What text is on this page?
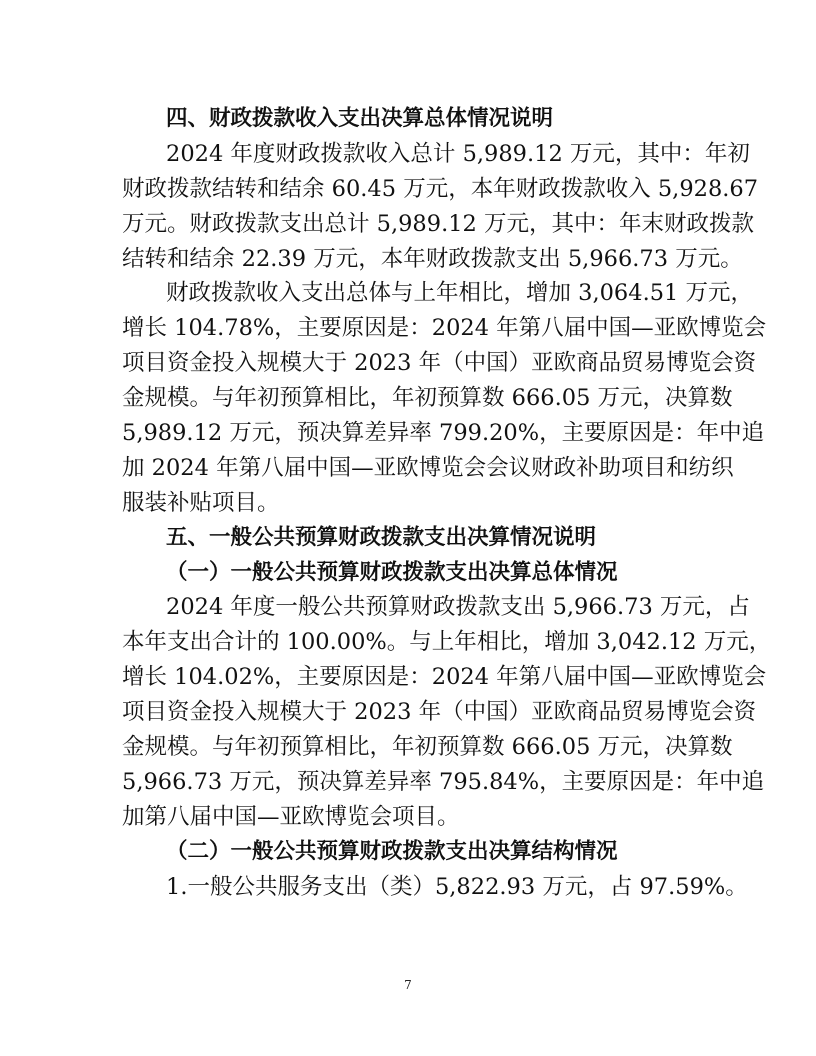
四、财政拨款收入支出决算总体情况说明
2024 年度财政拨款收入总计 5,989.12 万元，其中：年初
财政拨款结转和结余 60.45 万元，本年财政拨款收入 5,928.67
万元。财政拨款支出总计 5,989.12 万元，其中：年末财政拨款
结转和结余 22.39 万元，本年财政拨款支出 5,966.73 万元。
财政拨款收入支出总体与上年相比，增加 3,064.51 万元，
增长 104.78%，主要原因是：2024 年第八届中国—亚欧博览会
项目资金投入规模大于 2023 年（中国）亚欧商品贸易博览会资
金规模。与年初预算相比，年初预算数 666.05 万元，决算数
5,989.12 万元，预决算差异率 799.20%，主要原因是：年中追
加 2024 年第八届中国—亚欧博览会会议财政补助项目和纺织
服装补贴项目。
五、一般公共预算财政拨款支出决算情况说明
（一）一般公共预算财政拨款支出决算总体情况
2024 年度一般公共预算财政拨款支出 5,966.73 万元，占
本年支出合计的 100.00%。与上年相比，增加 3,042.12 万元，
增长 104.02%，主要原因是：2024 年第八届中国—亚欧博览会
项目资金投入规模大于 2023 年（中国）亚欧商品贸易博览会资
金规模。与年初预算相比，年初预算数 666.05 万元，决算数
5,966.73 万元，预决算差异率 795.84%，主要原因是：年中追
加第八届中国—亚欧博览会项目。
（二）一般公共预算财政拨款支出决算结构情况
1.一般公共服务支出（类）5,822.93 万元，占 97.59%。
7
